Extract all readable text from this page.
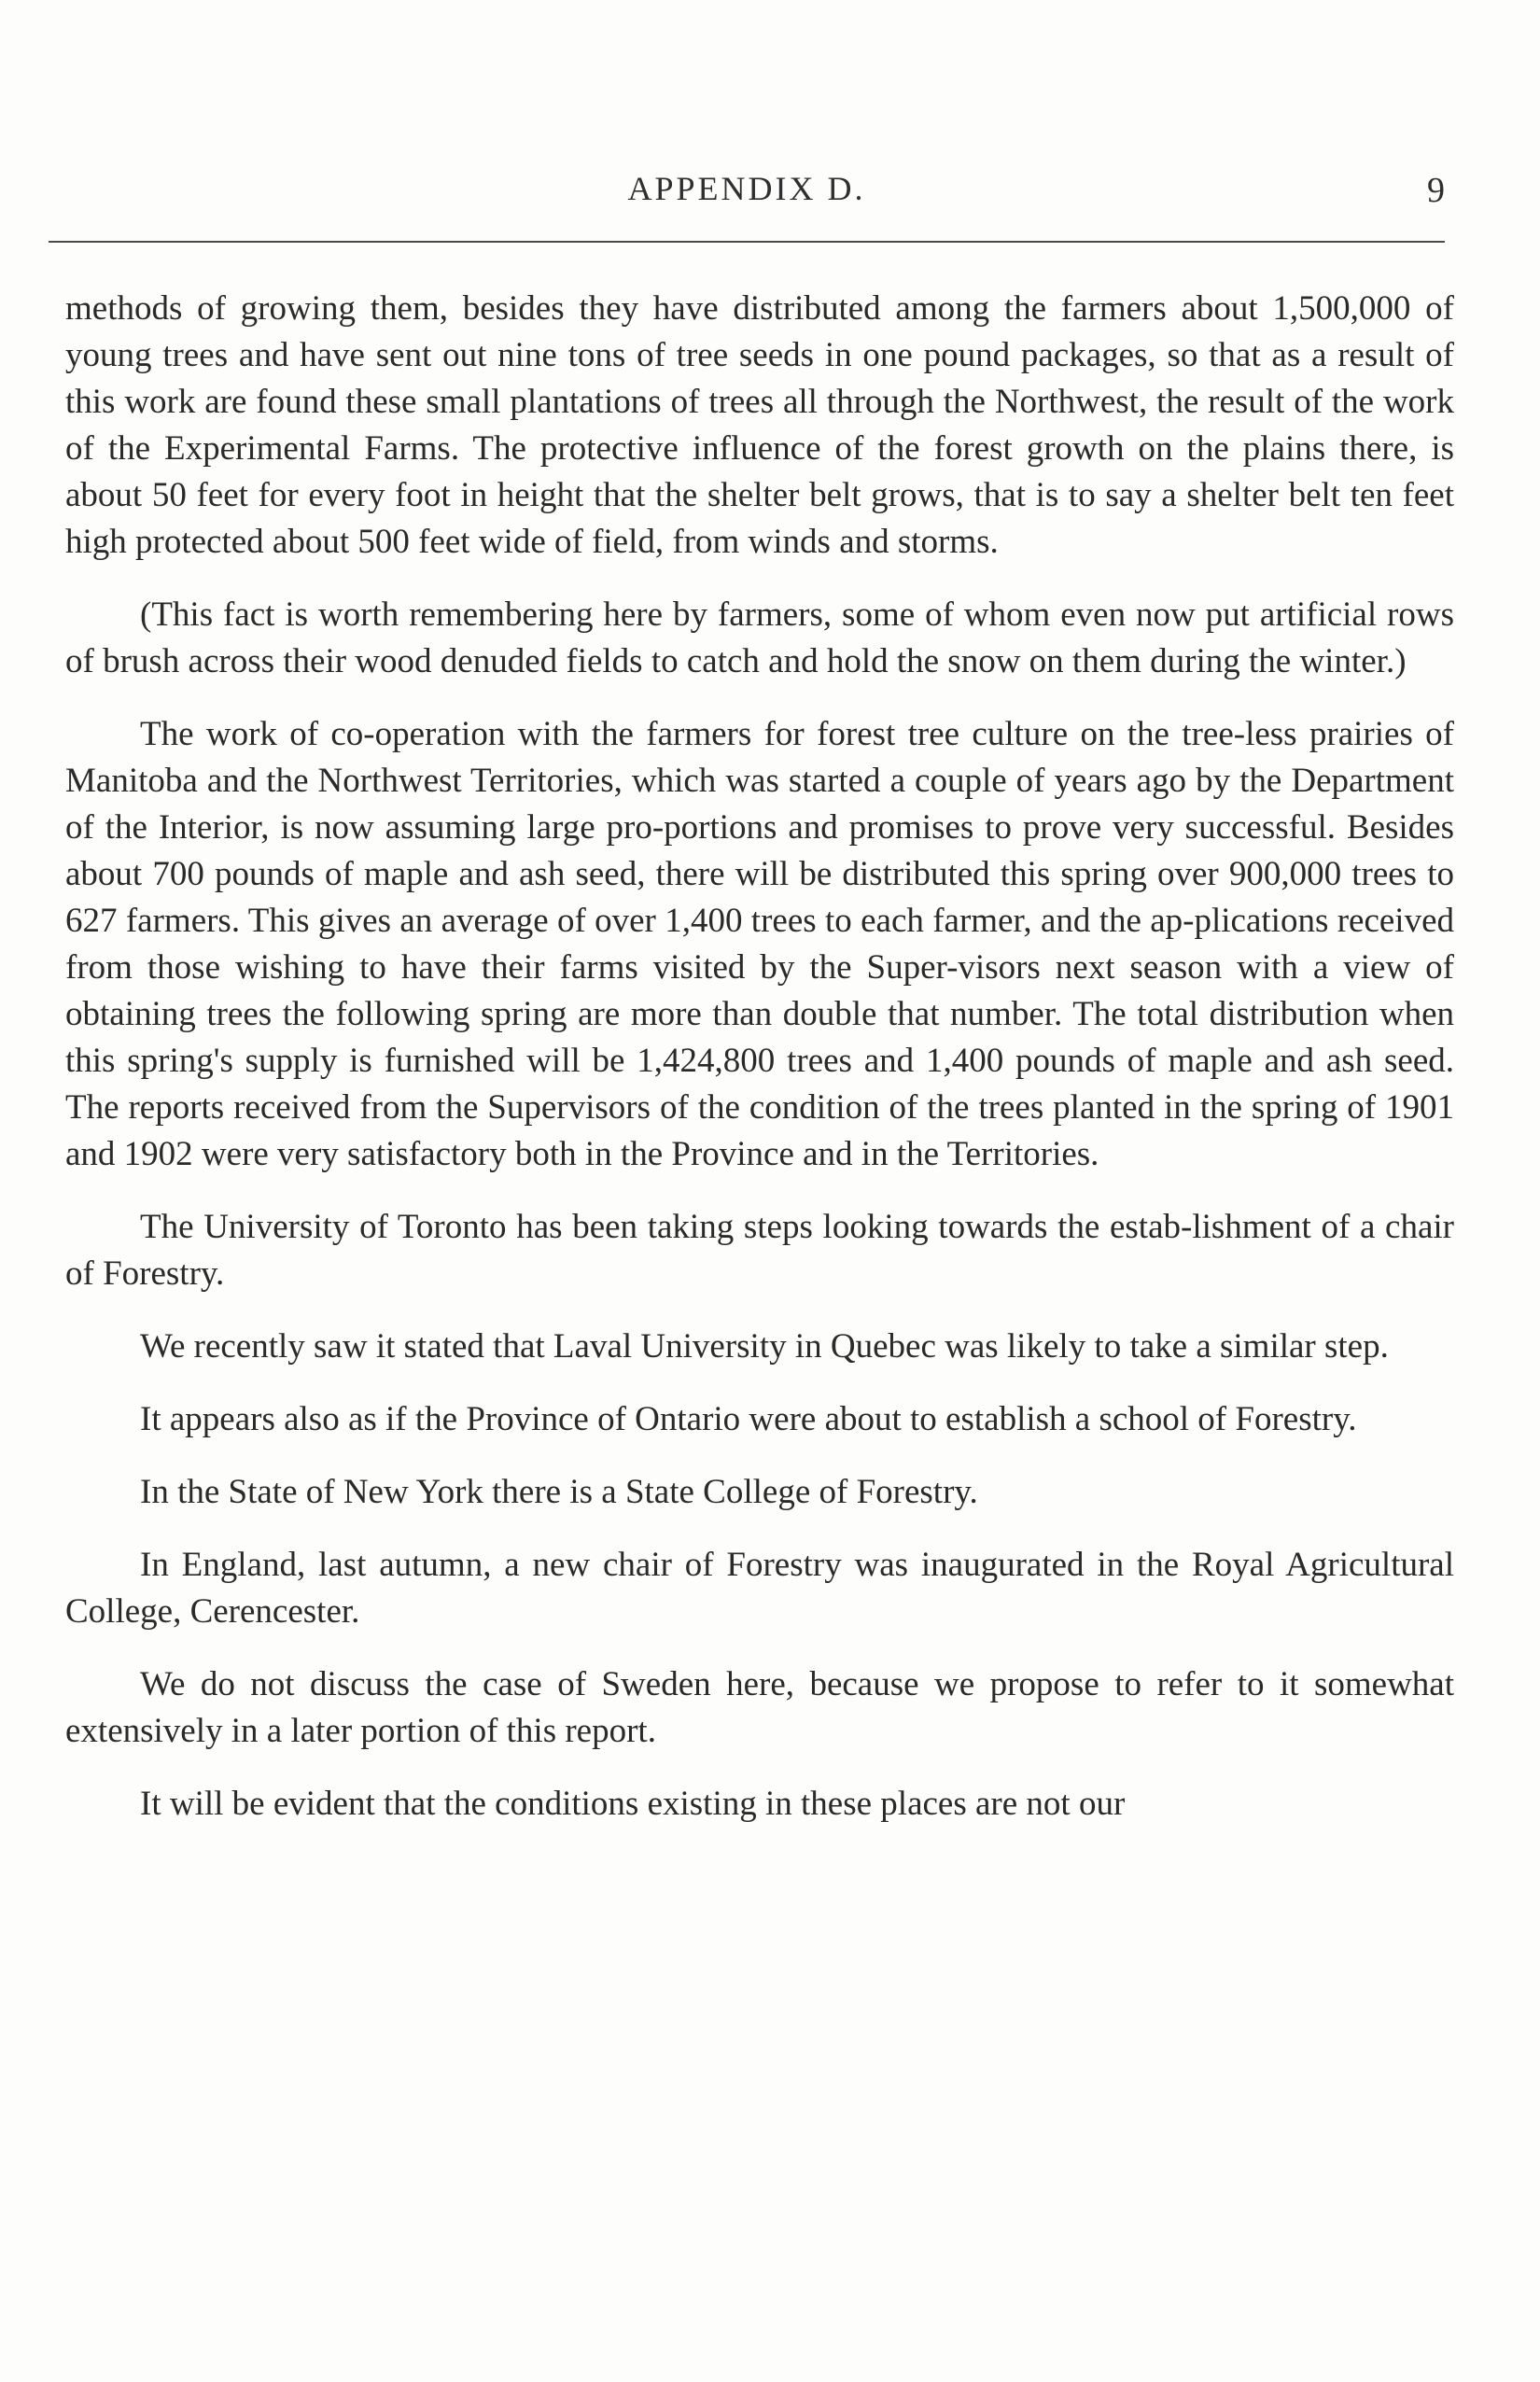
APPENDIX D.	9

methods of growing them, besides they have distributed among the farmers about 1,500,000 of young trees and have sent out nine tons of tree seeds in one pound packages, so that as a result of this work are found these small plantations of trees all through the Northwest, the result of the work of the Experimental Farms. The protective influence of the forest growth on the plains there, is about 50 feet for every foot in height that the shelter belt grows, that is to say a shelter belt ten feet high protected about 500 feet wide of field, from winds and storms.

(This fact is worth remembering here by farmers, some of whom even now put artificial rows of brush across their wood denuded fields to catch and hold the snow on them during the winter.)

The work of co-operation with the farmers for forest tree culture on the tree-less prairies of Manitoba and the Northwest Territories, which was started a couple of years ago by the Department of the Interior, is now assuming large pro-portions and promises to prove very successful. Besides about 700 pounds of maple and ash seed, there will be distributed this spring over 900,000 trees to 627 farmers. This gives an average of over 1,400 trees to each farmer, and the ap-plications received from those wishing to have their farms visited by the Super-visors next season with a view of obtaining trees the following spring are more than double that number. The total distribution when this spring's supply is furnished will be 1,424,800 trees and 1,400 pounds of maple and ash seed. The reports received from the Supervisors of the condition of the trees planted in the spring of 1901 and 1902 were very satisfactory both in the Province and in the Territories.

The University of Toronto has been taking steps looking towards the estab-lishment of a chair of Forestry.

We recently saw it stated that Laval University in Quebec was likely to take a similar step.

It appears also as if the Province of Ontario were about to establish a school of Forestry.

In the State of New York there is a State College of Forestry.

In England, last autumn, a new chair of Forestry was inaugurated in the Royal Agricultural College, Cerencester.

We do not discuss the case of Sweden here, because we propose to refer to it somewhat extensively in a later portion of this report.

It will be evident that the conditions existing in these places are not our
